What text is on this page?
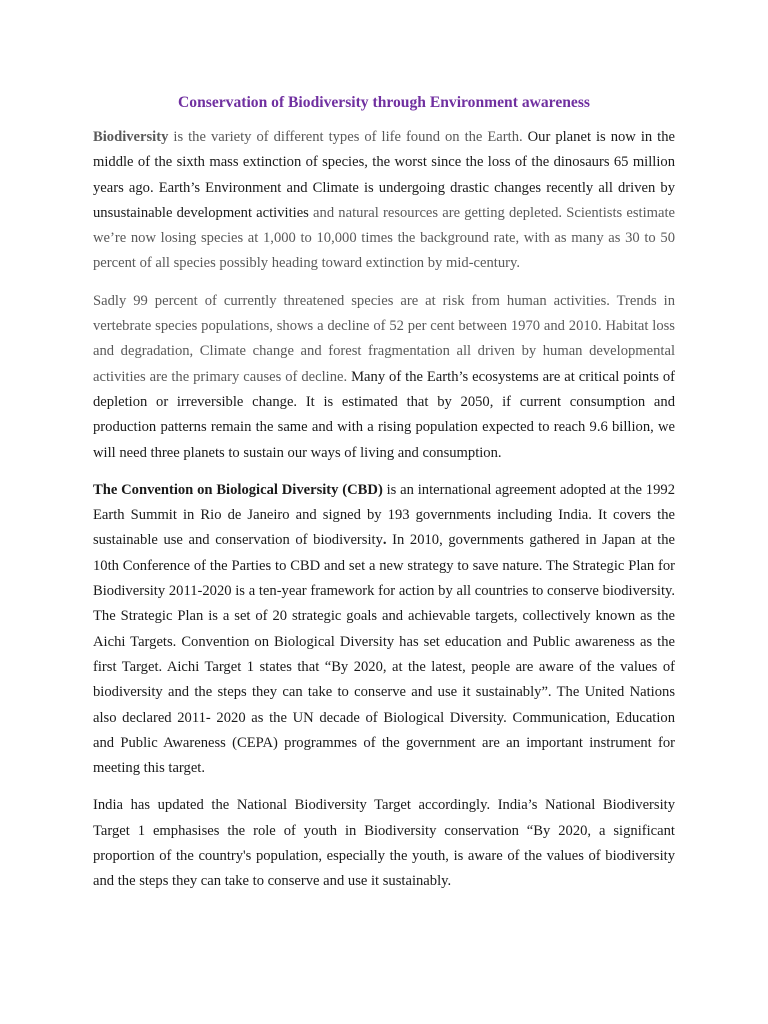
Conservation of Biodiversity through Environment awareness

Biodiversity is the variety of different types of life found on the Earth. Our planet is now in the middle of the sixth mass extinction of species, the worst since the loss of the dinosaurs 65 million years ago. Earth’s Environment and Climate is undergoing drastic changes recently all driven by unsustainable development activities and natural resources are getting depleted. Scientists estimate we’re now losing species at 1,000 to 10,000 times the background rate, with as many as 30 to 50 percent of all species possibly heading toward extinction by mid-century.

Sadly 99 percent of currently threatened species are at risk from human activities. Trends in vertebrate species populations, shows a decline of 52 per cent between 1970 and 2010. Habitat loss and degradation, Climate change and forest fragmentation all driven by human developmental activities are the primary causes of decline. Many of the Earth’s ecosystems are at critical points of depletion or irreversible change. It is estimated that by 2050, if current consumption and production patterns remain the same and with a rising population expected to reach 9.6 billion, we will need three planets to sustain our ways of living and consumption.

The Convention on Biological Diversity (CBD) is an international agreement adopted at the 1992 Earth Summit in Rio de Janeiro and signed by 193 governments including India. It covers the sustainable use and conservation of biodiversity. In 2010, governments gathered in Japan at the 10th Conference of the Parties to CBD and set a new strategy to save nature. The Strategic Plan for Biodiversity 2011-2020 is a ten-year framework for action by all countries to conserve biodiversity. The Strategic Plan is a set of 20 strategic goals and achievable targets, collectively known as the Aichi Targets. Convention on Biological Diversity has set education and Public awareness as the first Target. Aichi Target 1 states that “By 2020, at the latest, people are aware of the values of biodiversity and the steps they can take to conserve and use it sustainably”. The United Nations also declared 2011- 2020 as the UN decade of Biological Diversity. Communication, Education and Public Awareness (CEPA) programmes of the government are an important instrument for meeting this target.

India has updated the National Biodiversity Target accordingly. India’s National Biodiversity Target 1 emphasises the role of youth in Biodiversity conservation “By 2020, a significant proportion of the country's population, especially the youth, is aware of the values of biodiversity and the steps they can take to conserve and use it sustainably.
